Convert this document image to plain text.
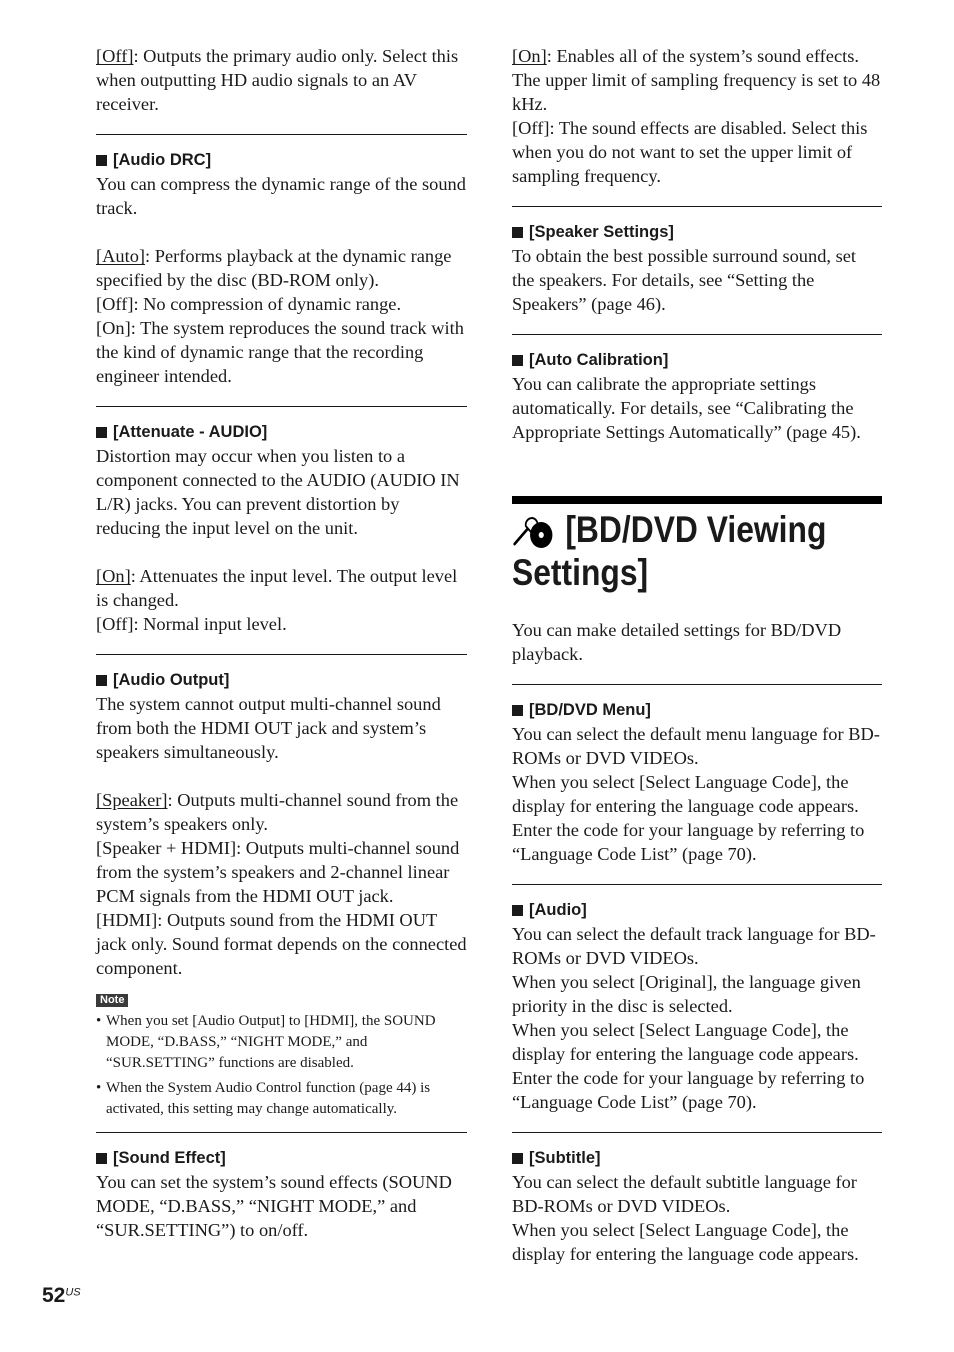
[Off]: Outputs the primary audio only. Select this when outputting HD audio signals to an AV receiver.

[Audio DRC]

You can compress the dynamic range of the sound track.

[Auto]: Performs playback at the dynamic range specified by the disc (BD-ROM only).

[Off]: No compression of dynamic range.

[On]: The system reproduces the sound track with the kind of dynamic range that the recording engineer intended.

[Attenuate - AUDIO]

Distortion may occur when you listen to a component connected to the AUDIO (AUDIO IN L/R) jacks. You can prevent distortion by reducing the input level on the unit.

[On]: Attenuates the input level. The output level is changed.

[Off]: Normal input level.

[Audio Output]

The system cannot output multi-channel sound from both the HDMI OUT jack and system’s speakers simultaneously.

[Speaker]: Outputs multi-channel sound from the system’s speakers only.

[Speaker + HDMI]: Outputs multi-channel sound from the system’s speakers and 2-channel linear PCM signals from the HDMI OUT jack.

[HDMI]: Outputs sound from the HDMI OUT jack only. Sound format depends on the connected component.

Note
• When you set [Audio Output] to [HDMI], the SOUND MODE, “D.BASS,” “NIGHT MODE,” and “SUR.SETTING” functions are disabled.
• When the System Audio Control function (page 44) is activated, this setting may change automatically.
[Sound Effect]

You can set the system’s sound effects (SOUND MODE, “D.BASS,” “NIGHT MODE,” and “SUR.SETTING”) to on/off.

[On]: Enables all of the system’s sound effects. The upper limit of sampling frequency is set to 48 kHz.

[Off]: The sound effects are disabled. Select this when you do not want to set the upper limit of sampling frequency.

[Speaker Settings]

To obtain the best possible surround sound, set the speakers. For details, see “Setting the Speakers” (page 46).

[Auto Calibration]

You can calibrate the appropriate settings automatically. For details, see “Calibrating the Appropriate Settings Automatically” (page 45).

[BD/DVD Viewing
Settings]

You can make detailed settings for BD/DVD playback.

[BD/DVD Menu]

You can select the default menu language for BD-ROMs or DVD VIDEOs.

When you select [Select Language Code], the display for entering the language code appears. Enter the code for your language by referring to “Language Code List” (page 70).

[Audio]

You can select the default track language for BD-ROMs or DVD VIDEOs.

When you select [Original], the language given priority in the disc is selected.

When you select [Select Language Code], the display for entering the language code appears. Enter the code for your language by referring to “Language Code List” (page 70).

[Subtitle]

You can select the default subtitle language for BD-ROMs or DVD VIDEOs.

When you select [Select Language Code], the display for entering the language code appears.

$52^{US}$
